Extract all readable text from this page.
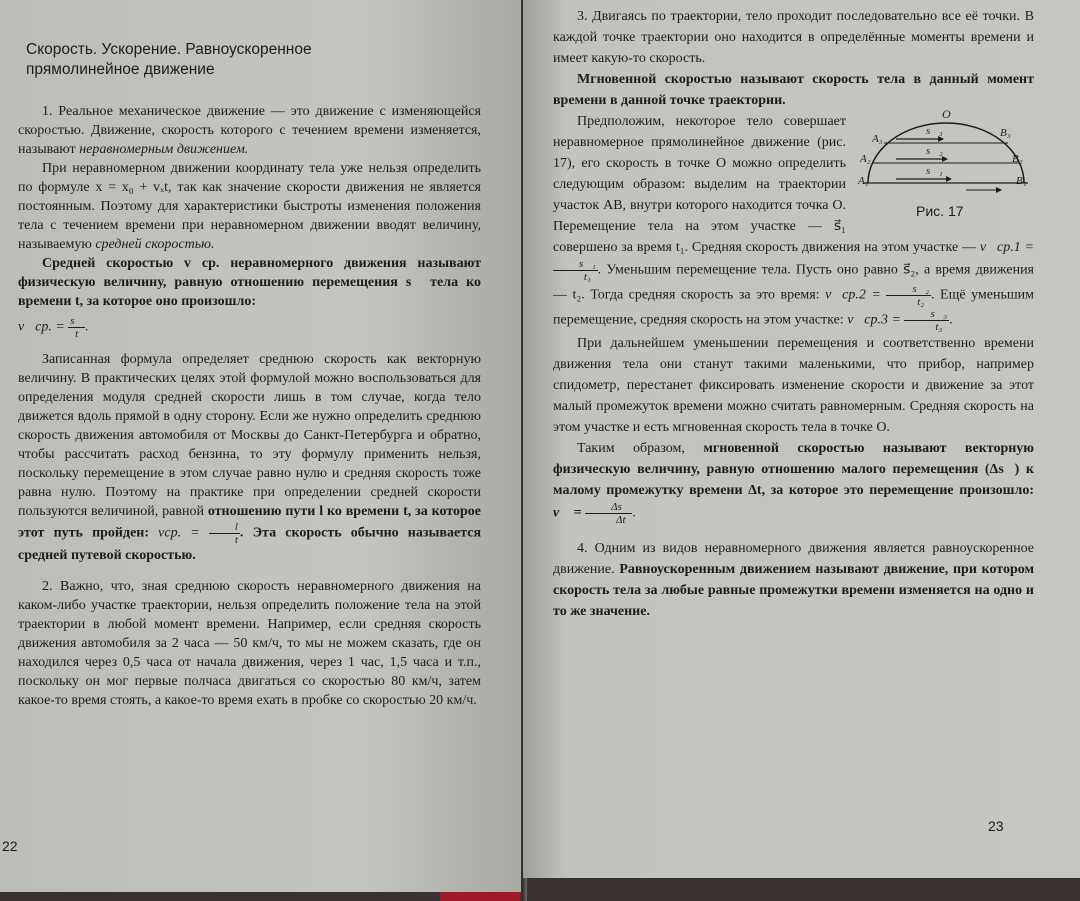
Скорость. Ускорение. Равноускоренное
прямолинейное движение

1. Реальное механическое движение — это движение с изменяющейся скоростью. Движение, скорость которого с течением времени изменяется, называют неравномерным движением.

При неравномерном движении координату тела уже нельзя определить по формуле x = x₀ + vₓt, так как значение скорости движения не является постоянным. Поэтому для характеристики быстроты изменения положения тела с течением времени при неравномерном движении вводят величину, называемую средней скоростью.

Средней скоростью v⃗ср. неравномерного движения называют физическую величину, равную отношению перемещения s⃗ тела ко времени t, за которое оно произошло:

v⃗ср. = $\frac{s⃗}{t}$ .

Записанная формула определяет среднюю скорость как векторную величину. В практических целях этой формулой можно воспользоваться для определения модуля средней скорости лишь в том случае, когда тело движется вдоль прямой в одну сторону. Если же нужно определить среднюю скорость движения автомобиля от Москвы до Санкт-Петербурга и обратно, чтобы рассчитать расход бензина, то эту формулу применить нельзя, поскольку перемещение в этом случае равно нулю и средняя скорость тоже равна нулю. Поэтому на практике при определении средней скорости пользуются величиной, равной отношению пути l ко времени t, за которое этот путь пройден: vср. = $\frac{l}{t}$ . Эта скорость обычно называется средней путевой скоростью.

2. Важно, что, зная среднюю скорость неравномерного движения на каком-либо участке траектории, нельзя определить положение тела на этой траектории в любой момент времени. Например, если средняя скорость движения автомобиля за 2 часа — 50 км/ч, то мы не можем сказать, где он находился через 0,5 часа от начала движения, через 1 час, 1,5 часа и т.п., поскольку он мог первые полчаса двигаться со скоростью 80 км/ч, затем какое-то время стоять, а какое-то время ехать в пробке со скоростью 20 км/ч.

22

3. Двигаясь по траектории, тело проходит последовательно все её точки. В каждой точке траектории оно находится в определённые моменты времени и имеет какую-то скорость.

Мгновенной скоростью называют скорость тела в данный момент времени в данной точке траектории.

O
A₁
A₂
A₃
B₁
B₂
B₃
s⃗₁
s⃗₂
s⃗₃
Рис. 17

Предположим, некоторое тело совершает неравномерное прямолинейное движение (рис. 17), его скорость в точке О можно определить следующим образом: выделим на траектории участок АВ, внутри которого находится точка О. Перемещение тела на этом участке — s⃗₁ совершено за время t₁. Средняя скорость движения на этом участке — v⃗ср.1 =
$\frac{\text{s⃗₁}}{\text{t₁}}$ . Уменьшим перемещение тела. Пусть оно равно s⃗₂, а время движения — t₂. Тогда средняя скорость за это время: v⃗ср.2 = $\frac{\text{s⃗₂}}{\text{t₂}}$ . Ещё уменьшим перемещение, средняя скорость на этом участке: v⃗ср.3 = $\frac{\text{s⃗₃}}{\text{t₃}}$ .

При дальнейшем уменьшении перемещения и соответственно времени движения тела они станут такими маленькими, что прибор, например спидометр, перестанет фиксировать изменение скорости и движение за этот малый промежуток времени можно считать равномерным. Средняя скорость на этом участке и есть мгновенная скорость тела в точке О.

Таким образом, мгновенной скоростью называют векторную физическую величину, равную отношению малого перемещения (Δs⃗) к малому промежутку времени Δt, за которое это перемещение произошло: v⃗ = $\frac{\Delta s⃗}{\Delta t}$ .

4. Одним из видов неравномерного движения является равноускоренное движение. Равноускоренным движением называют движение, при котором скорость тела за любые равные промежутки времени изменяется на одно и то же значение.

23
